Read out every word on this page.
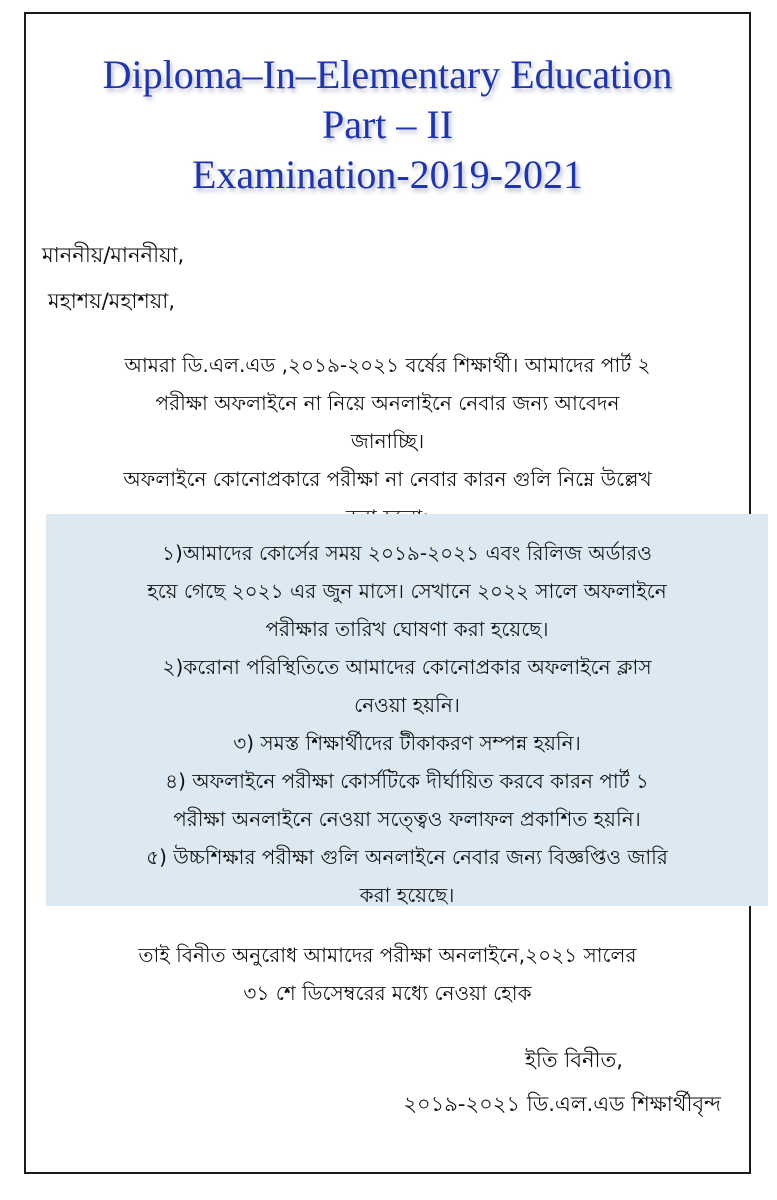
Diploma–In–Elementary Education
Part – II
Examination-2019-2021
মাননীয়/মাননীয়া,
মহাশয়/মহাশয়া,
আমরা ডি.এল.এড ,২০১৯-২০২১ বর্ষের শিক্ষার্থী। আমাদের পার্ট ২
পরীক্ষা অফলাইনে না নিয়ে অনলাইনে নেবার জন্য আবেদন
জানাচ্ছি।
অফলাইনে কোনোপ্রকারে পরীক্ষা না নেবার কারন গুলি নিম্নে উল্লেখ
১)আমাদের কোর্সের সময় ২০১৯-২০২১ এবং রিলিজ অর্ডারও
হয়ে গেছে ২০২১ এর জুন মাসে। সেখানে ২০২২ সালে অফলাইনে
পরীক্ষার তারিখ ঘোষণা করা হয়েছে।
২)করোনা পরিস্থিতিতে আমাদের কোনোপ্রকার অফলাইনে ক্লাস
নেওয়া হয়নি।
৩) সমস্ত শিক্ষার্থীদের টীকাকরণ সম্পন্ন হয়নি।
৪) অফলাইনে পরীক্ষা কোর্সটিকে দীর্ঘায়িত করবে কারন পার্ট ১
পরীক্ষা অনলাইনে নেওয়া সত্ত্বেও ফলাফল প্রকাশিত হয়নি।
৫) উচ্চশিক্ষার পরীক্ষা গুলি অনলাইনে নেবার জন্য বিজ্ঞপ্তিও জারি
করা হয়েছে।
তাই বিনীত অনুরোধ আমাদের পরীক্ষা অনলাইনে,২০২১ সালের
৩১ শে ডিসেম্বরের মধ্যে নেওয়া হোক
ইতি বিনীত,
২০১৯-২০২১ ডি.এল.এড শিক্ষার্থীবৃন্দ
